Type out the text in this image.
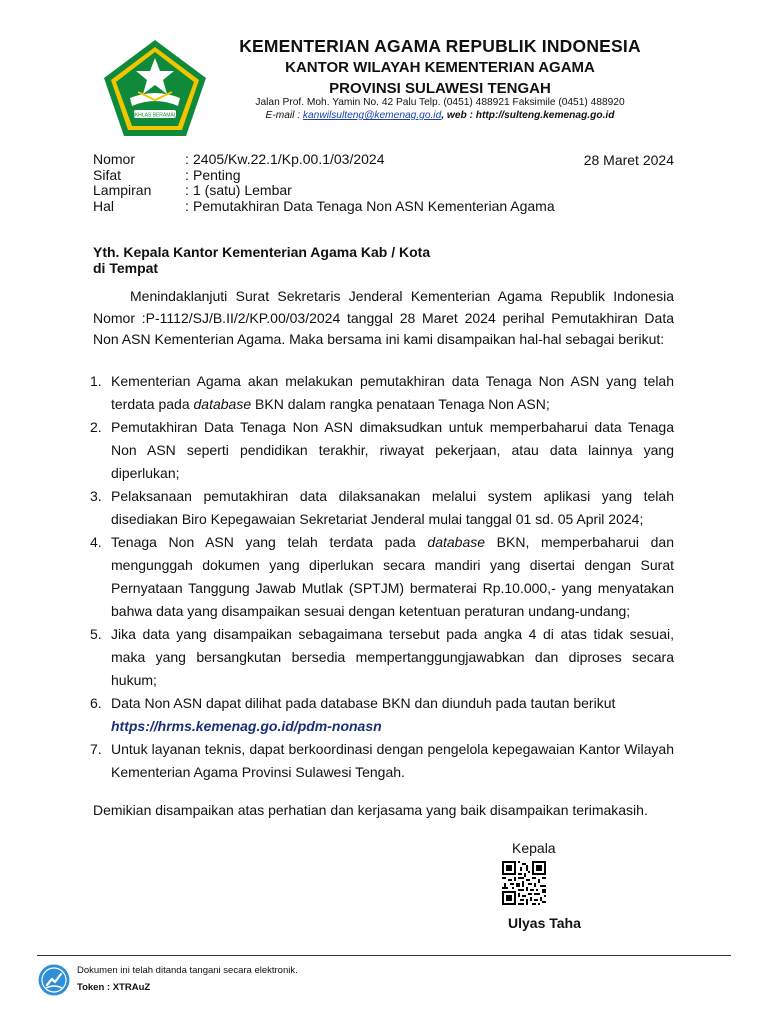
IKHLAS BERAMAL
KEMENTERIAN AGAMA REPUBLIK INDONESIA
KANTOR WILAYAH KEMENTERIAN AGAMA
PROVINSI SULAWESI TENGAH
Jalan Prof. Moh. Yamin No. 42 Palu Telp. (0451) 488921 Faksimile (0451) 488920
E-mail : kanwilsulteng@kemenag.go.id, web : http://sulteng.kemenag.go.id
Nomor	: 2405/Kw.22.1/Kp.00.1/03/2024
Sifat	: Penting
Lampiran	: 1 (satu) Lembar
Hal	: Pemutakhiran Data Tenaga Non ASN Kementerian Agama
28 Maret 2024
Yth. Kepala Kantor Kementerian Agama Kab / Kota
di Tempat
Menindaklanjuti Surat Sekretaris Jenderal Kementerian Agama Republik Indonesia Nomor :P-1112/SJ/B.II/2/KP.00/03/2024 tanggal 28 Maret 2024 perihal Pemutakhiran Data Non ASN Kementerian Agama. Maka bersama ini kami disampaikan hal-hal sebagai berikut:
1. Kementerian Agama akan melakukan pemutakhiran data Tenaga Non ASN yang telah terdata pada database BKN dalam rangka penataan Tenaga Non ASN;
2. Pemutakhiran Data Tenaga Non ASN dimaksudkan untuk memperbaharui data Tenaga Non ASN seperti pendidikan terakhir, riwayat pekerjaan, atau data lainnya yang diperlukan;
3. Pelaksanaan pemutakhiran data dilaksanakan melalui system aplikasi yang telah disediakan Biro Kepegawaian Sekretariat Jenderal mulai tanggal 01 sd. 05 April 2024;
4. Tenaga Non ASN yang telah terdata pada database BKN, memperbaharui dan mengunggah dokumen yang diperlukan secara mandiri yang disertai dengan Surat Pernyataan Tanggung Jawab Mutlak (SPTJM) bermaterai Rp.10.000,- yang menyatakan bahwa data yang disampaikan sesuai dengan ketentuan peraturan undang-undang;
5. Jika data yang disampaikan sebagaimana tersebut pada angka 4 di atas tidak sesuai, maka yang bersangkutan bersedia mempertanggungjawabkan dan diproses secara hukum;
6. Data Non ASN dapat dilihat pada database BKN dan diunduh pada tautan berikut
https://hrms.kemenag.go.id/pdm-nonasn
7. Untuk layanan teknis, dapat berkoordinasi dengan pengelola kepegawaian Kantor Wilayah Kementerian Agama Provinsi Sulawesi Tengah.
Demikian disampaikan atas perhatian dan kerjasama yang baik disampaikan terimakasih.
Kepala
Ulyas Taha
Dokumen ini telah ditanda tangani secara elektronik.
Token : XTRAuZ
